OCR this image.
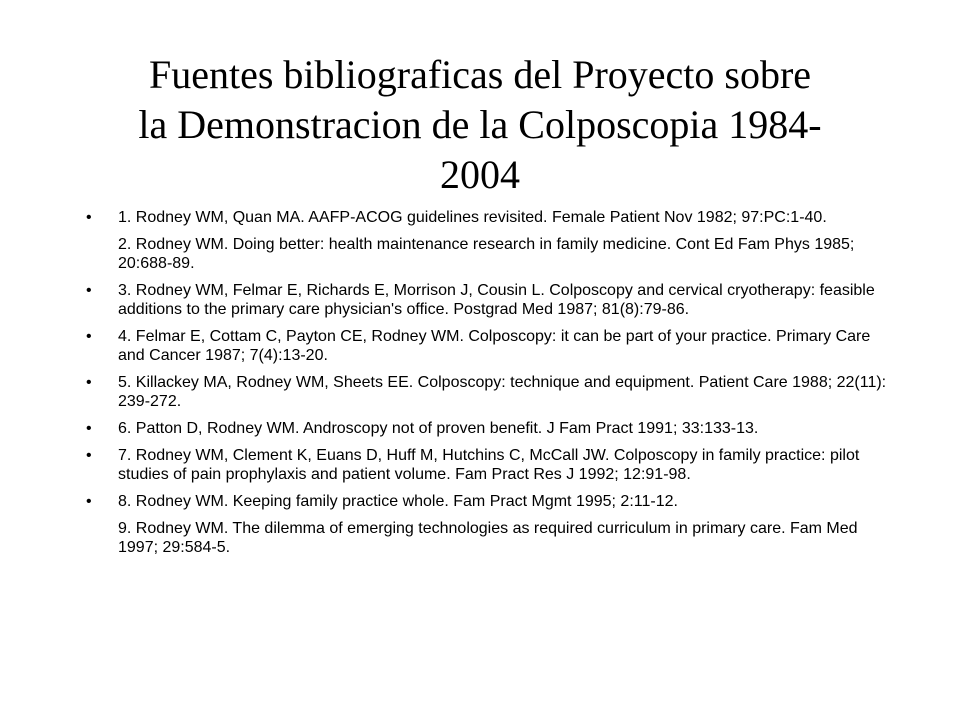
Fuentes bibliograficas del Proyecto sobre
la Demonstracion de la Colposcopia 1984-
2004
• 1. Rodney WM, Quan MA. AAFP-ACOG guidelines revisited. Female Patient Nov 1982; 97:PC:1-40.
2. Rodney WM. Doing better: health maintenance research in family medicine. Cont Ed Fam Phys 1985; 20:688-89.
• 3. Rodney WM, Felmar E, Richards E, Morrison J, Cousin L. Colposcopy and cervical cryotherapy: feasible additions to the primary care physician's office. Postgrad Med 1987; 81(8):79-86.
• 4. Felmar E, Cottam C, Payton CE, Rodney WM. Colposcopy: it can be part of your practice. Primary Care and Cancer 1987; 7(4):13-20.
• 5. Killackey MA, Rodney WM, Sheets EE. Colposcopy: technique and equipment. Patient Care 1988; 22(11): 239-272.
• 6. Patton D, Rodney WM. Androscopy not of proven benefit. J Fam Pract 1991; 33:133-13.
• 7. Rodney WM, Clement K, Euans D, Huff M, Hutchins C, McCall JW. Colposcopy in family practice: pilot studies of pain prophylaxis and patient volume. Fam Pract Res J 1992; 12:91-98.
• 8. Rodney WM. Keeping family practice whole. Fam Pract Mgmt 1995; 2:11-12.
9. Rodney WM. The dilemma of emerging technologies as required curriculum in primary care. Fam Med 1997; 29:584-5.
